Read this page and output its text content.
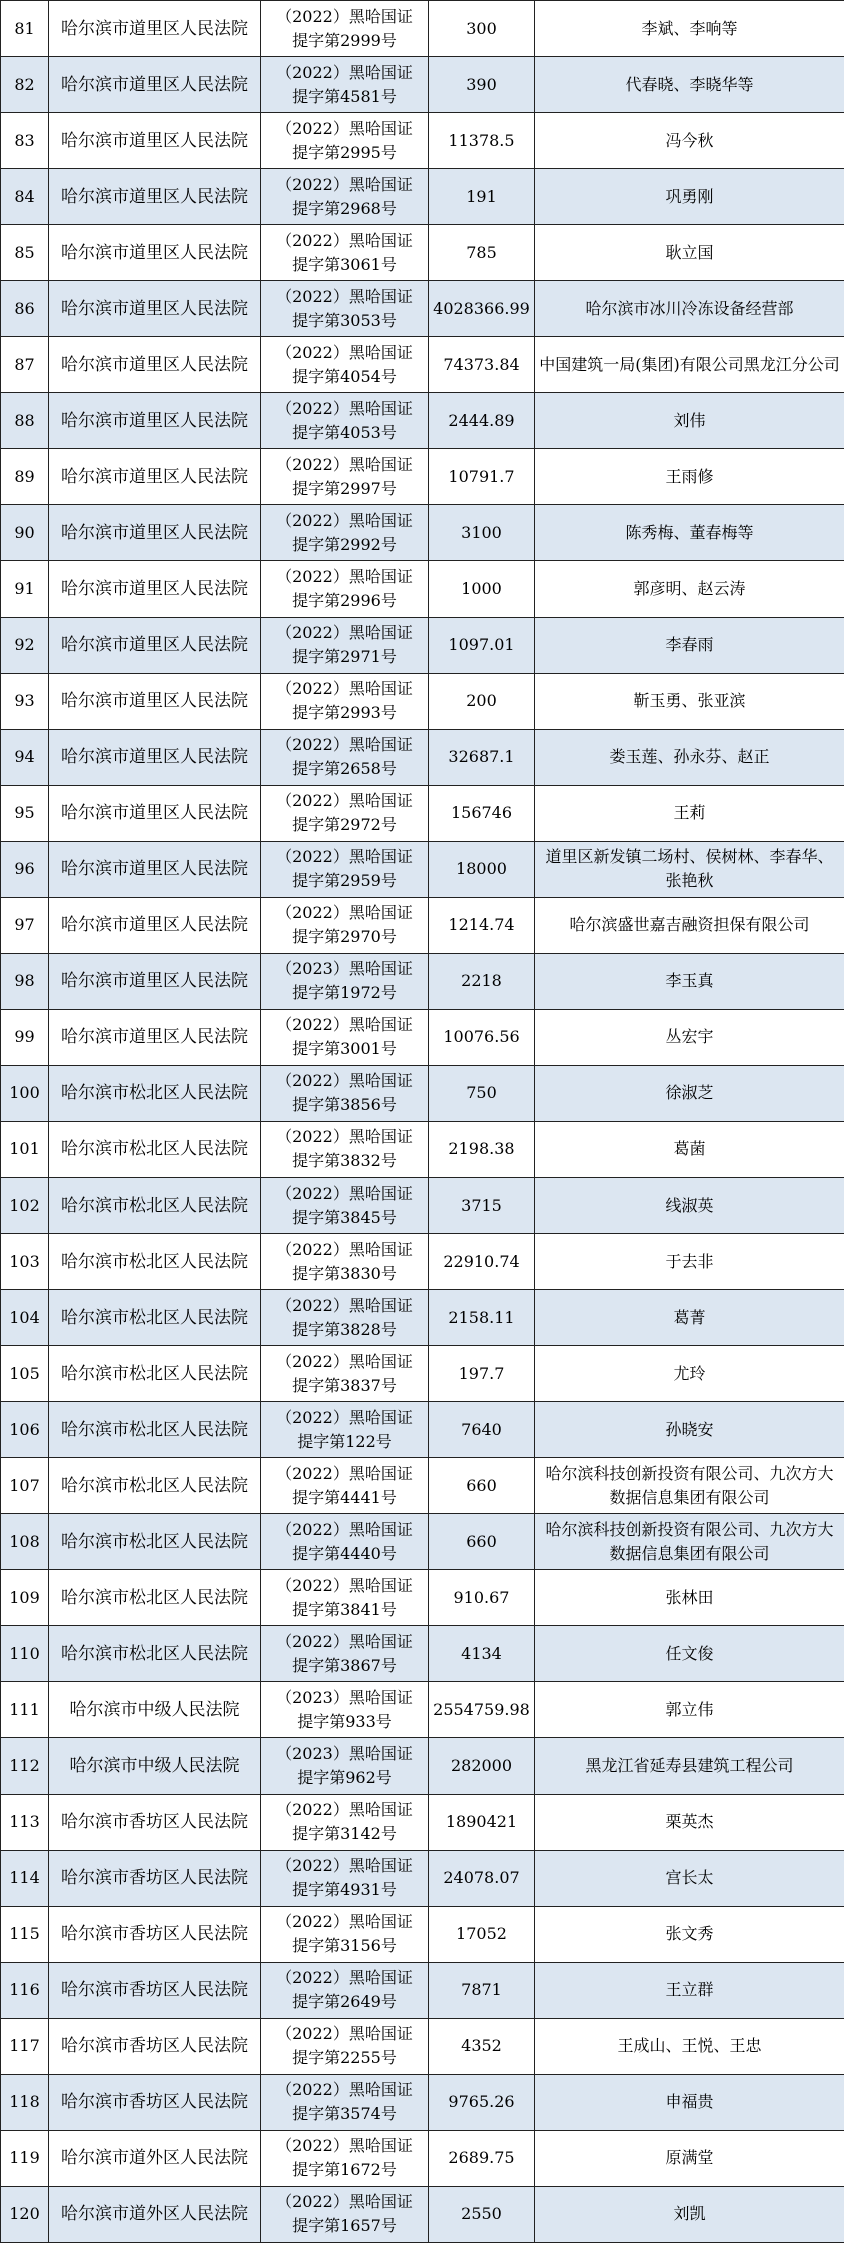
81	哈尔滨市道里区人民法院	（2022）黑哈国证
提字第2999号	300	李斌、李响等
82	哈尔滨市道里区人民法院	（2022）黑哈国证
提字第4581号	390	代春晓、李晓华等
83	哈尔滨市道里区人民法院	（2022）黑哈国证
提字第2995号	11378.5	冯今秋
84	哈尔滨市道里区人民法院	（2022）黑哈国证
提字第2968号	191	巩勇刚
85	哈尔滨市道里区人民法院	（2022）黑哈国证
提字第3061号	785	耿立国
86	哈尔滨市道里区人民法院	（2022）黑哈国证
提字第3053号	4028366.99	哈尔滨市冰川冷冻设备经营部
87	哈尔滨市道里区人民法院	（2022）黑哈国证
提字第4054号	74373.84	中国建筑一局(集团)有限公司黑龙江分公司
88	哈尔滨市道里区人民法院	（2022）黑哈国证
提字第4053号	2444.89	刘伟
89	哈尔滨市道里区人民法院	（2022）黑哈国证
提字第2997号	10791.7	王雨修
90	哈尔滨市道里区人民法院	（2022）黑哈国证
提字第2992号	3100	陈秀梅、董春梅等
91	哈尔滨市道里区人民法院	（2022）黑哈国证
提字第2996号	1000	郭彦明、赵云涛
92	哈尔滨市道里区人民法院	（2022）黑哈国证
提字第2971号	1097.01	李春雨
93	哈尔滨市道里区人民法院	（2022）黑哈国证
提字第2993号	200	靳玉勇、张亚滨
94	哈尔滨市道里区人民法院	（2022）黑哈国证
提字第2658号	32687.1	娄玉莲、孙永芬、赵正
95	哈尔滨市道里区人民法院	（2022）黑哈国证
提字第2972号	156746	王莉
96	哈尔滨市道里区人民法院	（2022）黑哈国证
提字第2959号	18000	道里区新发镇二场村、侯树林、李春华、张艳秋
97	哈尔滨市道里区人民法院	（2022）黑哈国证
提字第2970号	1214.74	哈尔滨盛世嘉吉融资担保有限公司
98	哈尔滨市道里区人民法院	（2023）黑哈国证
提字第1972号	2218	李玉真
99	哈尔滨市道里区人民法院	（2022）黑哈国证
提字第3001号	10076.56	丛宏宇
100	哈尔滨市松北区人民法院	（2022）黑哈国证
提字第3856号	750	徐淑芝
101	哈尔滨市松北区人民法院	（2022）黑哈国证
提字第3832号	2198.38	葛菌
102	哈尔滨市松北区人民法院	（2022）黑哈国证
提字第3845号	3715	线淑英
103	哈尔滨市松北区人民法院	（2022）黑哈国证
提字第3830号	22910.74	于去非
104	哈尔滨市松北区人民法院	（2022）黑哈国证
提字第3828号	2158.11	葛菁
105	哈尔滨市松北区人民法院	（2022）黑哈国证
提字第3837号	197.7	尤玲
106	哈尔滨市松北区人民法院	（2022）黑哈国证
提字第122号	7640	孙晓安
107	哈尔滨市松北区人民法院	（2022）黑哈国证
提字第4441号	660	哈尔滨科技创新投资有限公司、九次方大数据信息集团有限公司
108	哈尔滨市松北区人民法院	（2022）黑哈国证
提字第4440号	660	哈尔滨科技创新投资有限公司、九次方大数据信息集团有限公司
109	哈尔滨市松北区人民法院	（2022）黑哈国证
提字第3841号	910.67	张林田
110	哈尔滨市松北区人民法院	（2022）黑哈国证
提字第3867号	4134	任文俊
111	哈尔滨市中级人民法院	（2023）黑哈国证
提字第933号	2554759.98	郭立伟
112	哈尔滨市中级人民法院	（2023）黑哈国证
提字第962号	282000	黑龙江省延寿县建筑工程公司
113	哈尔滨市香坊区人民法院	（2022）黑哈国证
提字第3142号	1890421	栗英杰
114	哈尔滨市香坊区人民法院	（2022）黑哈国证
提字第4931号	24078.07	宫长太
115	哈尔滨市香坊区人民法院	（2022）黑哈国证
提字第3156号	17052	张文秀
116	哈尔滨市香坊区人民法院	（2022）黑哈国证
提字第2649号	7871	王立群
117	哈尔滨市香坊区人民法院	（2022）黑哈国证
提字第2255号	4352	王成山、王悦、王忠
118	哈尔滨市香坊区人民法院	（2022）黑哈国证
提字第3574号	9765.26	申福贵
119	哈尔滨市道外区人民法院	（2022）黑哈国证
提字第1672号	2689.75	原满堂
120	哈尔滨市道外区人民法院	（2022）黑哈国证
提字第1657号	2550	刘凯
